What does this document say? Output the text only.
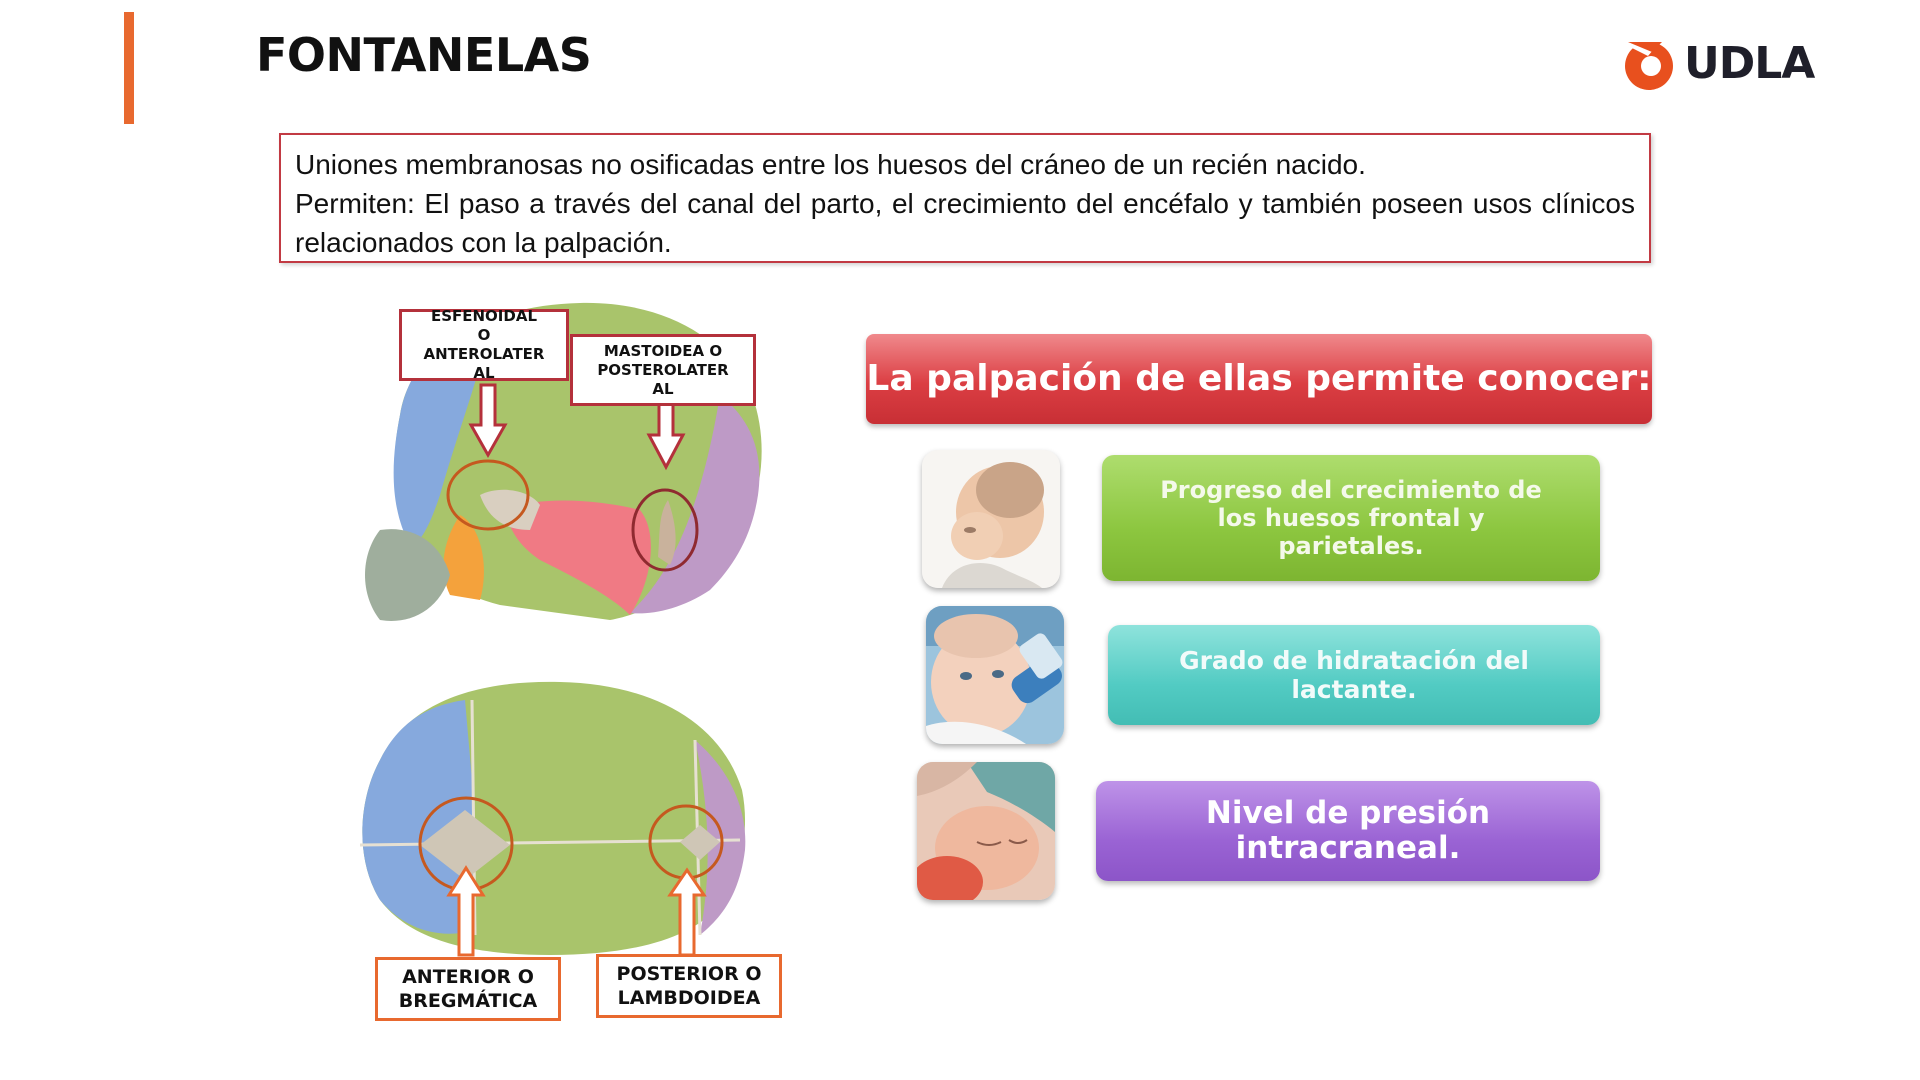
FONTANELAS	UDLA

Uniones membranosas no osificadas entre los huesos del cráneo de un recién nacido.

Permiten: El paso a través del canal del parto, el crecimiento del encéfalo y también poseen usos clínicos relacionados con la palpación.

ESFENOIDAL
O
ANTEROLATER
AL
MASTOIDEA O
POSTEROLATER
AL
ANTERIOR O
BREGMÁTICA
POSTERIOR O
LAMBDOIDEA
La palpación de ellas permite conocer:
Progreso del crecimiento de los huesos frontal y parietales.
Grado de hidratación del lactante.
Nivel de presión intracraneal.
